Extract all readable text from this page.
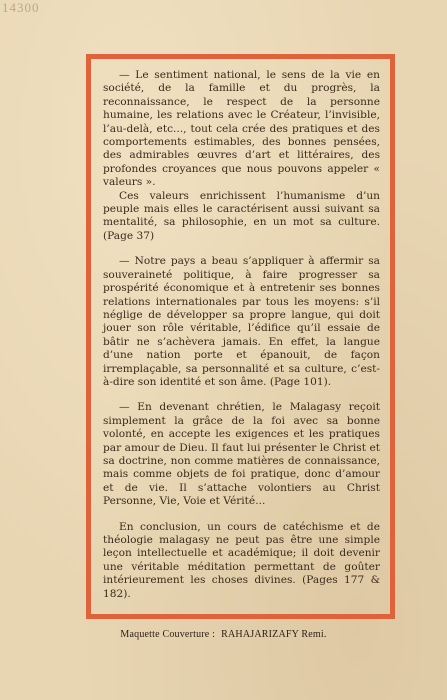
14300

— Le sentiment national, le sens de la vie en société, de la famille et du progrès, la reconnaissance, le respect de la personne humaine, les relations avec le Créateur, l’invisible, l’au-delà, etc..., tout cela crée des pratiques et des comportements estimables, des bonnes pensées, des admirables œuvres d’art et littéraires, des profondes croyances que nous pouvons appeler « valeurs ».

Ces valeurs enrichissent l’humanisme d’un peuple mais elles le caractérisent aussi suivant sa mentalité, sa philosophie, en un mot sa culture. (Page 37)

— Notre pays a beau s’appliquer à affermir sa souveraineté politique, à faire progresser sa prospérité économique et à entretenir ses bonnes relations internationales par tous les moyens: s’il néglige de développer sa propre langue, qui doit jouer son rôle véritable, l’édifice qu’il essaie de bâtir ne s’achèvera jamais. En effet, la langue d’une nation porte et épanouit, de façon irremplaçable, sa personnalité et sa culture, c’est-à-dire son identité et son âme. (Page 101).

— En devenant chrétien, le Malagasy reçoit simplement la grâce de la foi avec sa bonne volonté, en accepte les exigences et les pratiques par amour de Dieu. Il faut lui présenter le Christ et sa doctrine, non comme matières de connaissance, mais comme objets de foi pratique, donc d’amour et de vie. Il s’attache volontiers au Christ Personne, Vie, Voie et Vérité...

En conclusion, un cours de catéchisme et de théologie malagasy ne peut pas être une simple leçon intellectuelle et académique; il doit devenir une véritable méditation permettant de goûter intérieurement les choses divines. (Pages 177 & 182).

Maquette Couverture : RAHAJARIZAFY Remi.
